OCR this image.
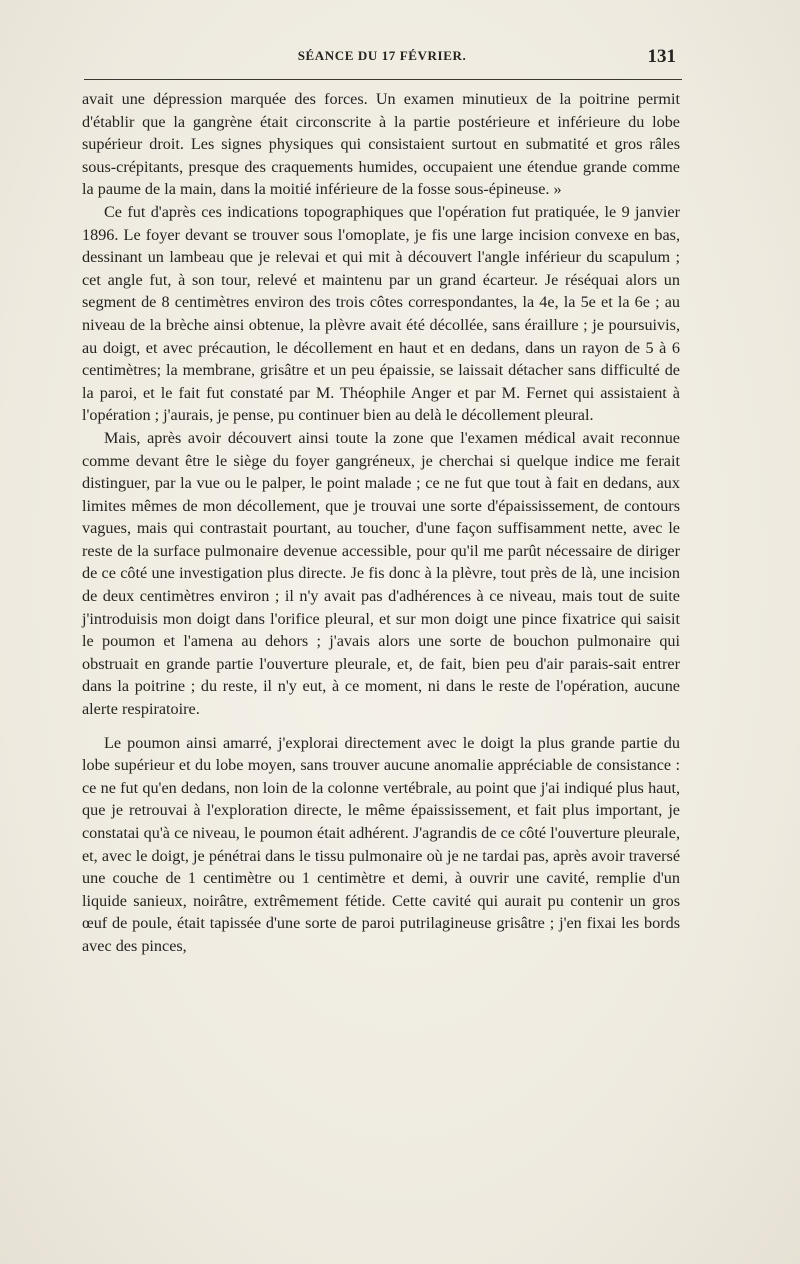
SÉANCE DU 17 FÉVRIER.	131

avait une dépression marquée des forces. Un examen minutieux de la poitrine permit d'établir que la gangrène était circonscrite à la partie postérieure et inférieure du lobe supérieur droit. Les signes physiques qui consistaient surtout en submatité et gros râles sous-crépitants, presque des craquements humides, occupaient une étendue grande comme la paume de la main, dans la moitié inférieure de la fosse sous-épineuse. »

Ce fut d'après ces indications topographiques que l'opération fut pratiquée, le 9 janvier 1896. Le foyer devant se trouver sous l'omoplate, je fis une large incision convexe en bas, dessinant un lambeau que je relevai et qui mit à découvert l'angle inférieur du scapulum ; cet angle fut, à son tour, relevé et maintenu par un grand écarteur. Je réséquai alors un segment de 8 centimètres environ des trois côtes correspondantes, la 4e, la 5e et la 6e ; au niveau de la brèche ainsi obtenue, la plèvre avait été décollée, sans éraillure ; je poursuivis, au doigt, et avec précaution, le décollement en haut et en dedans, dans un rayon de 5 à 6 centimètres; la membrane, grisâtre et un peu épaissie, se laissait détacher sans difficulté de la paroi, et le fait fut constaté par M. Théophile Anger et par M. Fernet qui assistaient à l'opération ; j'aurais, je pense, pu continuer bien au delà le décollement pleural.

Mais, après avoir découvert ainsi toute la zone que l'examen médical avait reconnue comme devant être le siège du foyer gangréneux, je cherchai si quelque indice me ferait distinguer, par la vue ou le palper, le point malade ; ce ne fut que tout à fait en dedans, aux limites mêmes de mon décollement, que je trouvai une sorte d'épaississement, de contours vagues, mais qui contrastait pourtant, au toucher, d'une façon suffisamment nette, avec le reste de la surface pulmonaire devenue accessible, pour qu'il me parût nécessaire de diriger de ce côté une investigation plus directe. Je fis donc à la plèvre, tout près de là, une incision de deux centimètres environ ; il n'y avait pas d'adhérences à ce niveau, mais tout de suite j'introduisis mon doigt dans l'orifice pleural, et sur mon doigt une pince fixatrice qui saisit le poumon et l'amena au dehors ; j'avais alors une sorte de bouchon pulmonaire qui obstruait en grande partie l'ouverture pleurale, et, de fait, bien peu d'air parais-sait entrer dans la poitrine ; du reste, il n'y eut, à ce moment, ni dans le reste de l'opération, aucune alerte respiratoire.

Le poumon ainsi amarré, j'explorai directement avec le doigt la plus grande partie du lobe supérieur et du lobe moyen, sans trouver aucune anomalie appréciable de consistance : ce ne fut qu'en dedans, non loin de la colonne vertébrale, au point que j'ai indiqué plus haut, que je retrouvai à l'exploration directe, le même épaississement, et fait plus important, je constatai qu'à ce niveau, le poumon était adhérent. J'agrandis de ce côté l'ouverture pleurale, et, avec le doigt, je pénétrai dans le tissu pulmonaire où je ne tardai pas, après avoir traversé une couche de 1 centimètre ou 1 centimètre et demi, à ouvrir une cavité, remplie d'un liquide sanieux, noirâtre, extrêmement fétide. Cette cavité qui aurait pu contenir un gros œuf de poule, était tapissée d'une sorte de paroi putrilagineuse grisâtre ; j'en fixai les bords avec des pinces,
